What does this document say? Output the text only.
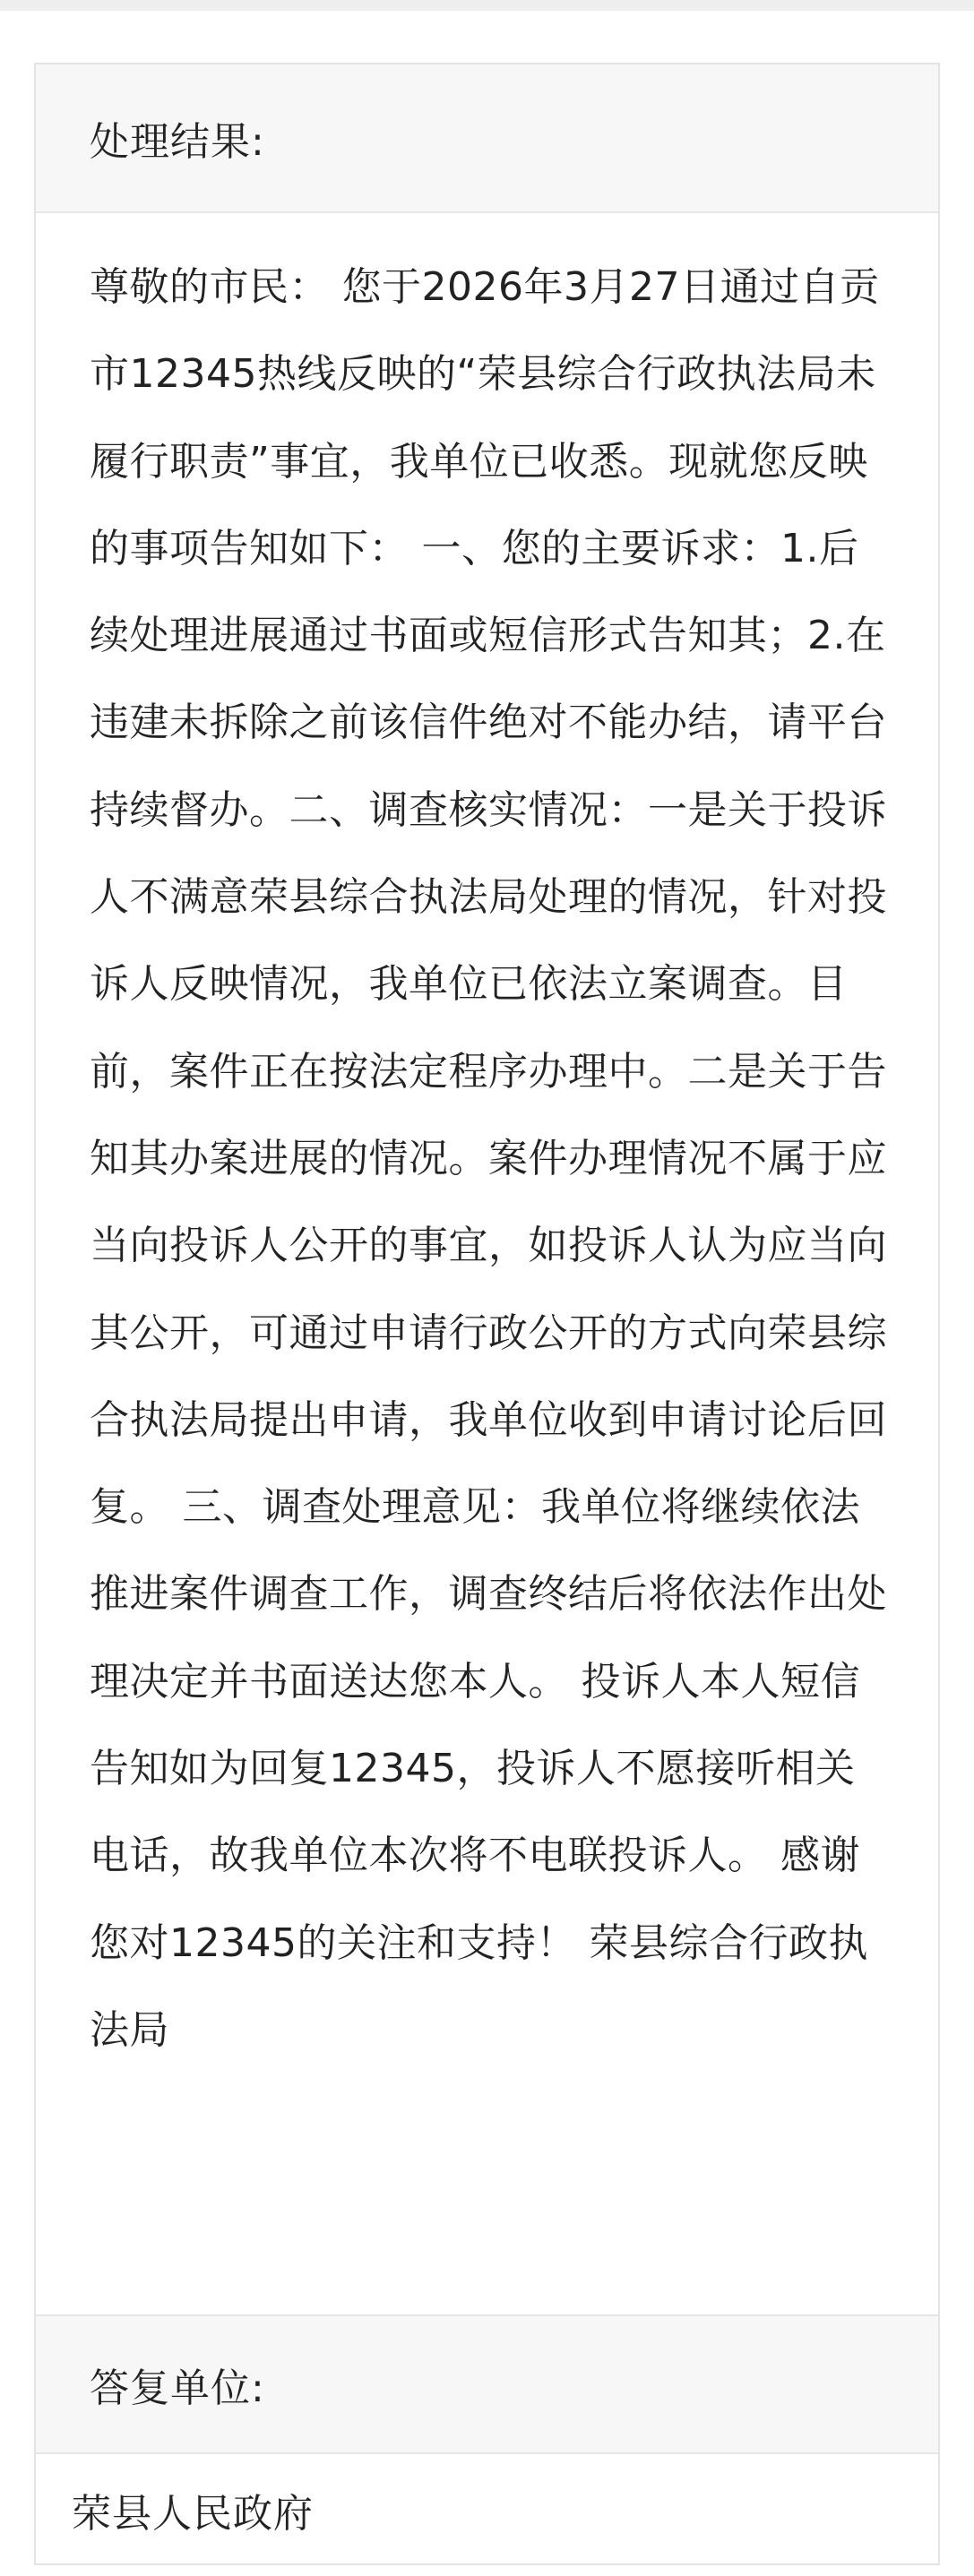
处理结果:
尊敬的市民： 您于2026年3月27日通过自贡市12345热线反映的“荣县综合行政执法局未履行职责”事宜，我单位已收悉。现就您反映的事项告知如下： 一、您的主要诉求：1.后续处理进展通过书面或短信形式告知其；2.在违建未拆除之前该信件绝对不能办结，请平台持续督办。二、调查核实情况：一是关于投诉人不满意荣县综合执法局处理的情况，针对投诉人反映情况，我单位已依法立案调查。目前，案件正在按法定程序办理中。二是关于告知其办案进展的情况。案件办理情况不属于应当向投诉人公开的事宜，如投诉人认为应当向其公开，可通过申请行政公开的方式向荣县综合执法局提出申请，我单位收到申请讨论后回复。 三、调查处理意见：我单位将继续依法推进案件调查工作，调查终结后将依法作出处理决定并书面送达您本人。 投诉人本人短信告知如为回复12345，投诉人不愿接听相关电话，故我单位本次将不电联投诉人。 感谢您对12345的关注和支持！ 荣县综合行政执法局
答复单位:
荣县人民政府
